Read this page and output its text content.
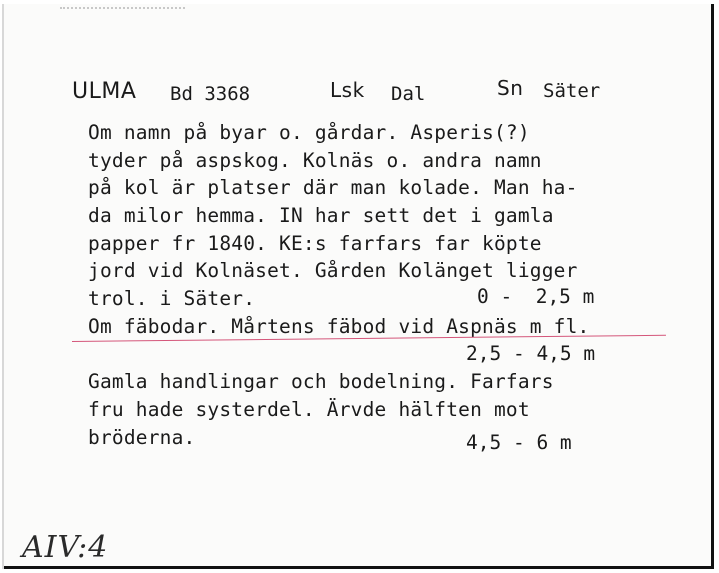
ULMA Bd 3368	Lsk Dal	Sn Säter
Om namn på byar o. gårdar. Asperis(?)
tyder på aspskog. Kolnäs o. andra namn
på kol är platser där man kolade. Man ha-
da milor hemma. IN har sett det i gamla
papper fr 1840. KE:s farfars far köpte
jord vid Kolnäset. Gården Kolänget ligger
trol. i Säter.	0 -  2,5 m
Om fäbodar. Mårtens fäbod vid Aspnäs m fl.
2,5 - 4,5 m
Gamla handlingar och bodelning. Farfars
fru hade systerdel. Ärvde hälften mot
bröderna.	4,5 - 6 m
AIV:4
